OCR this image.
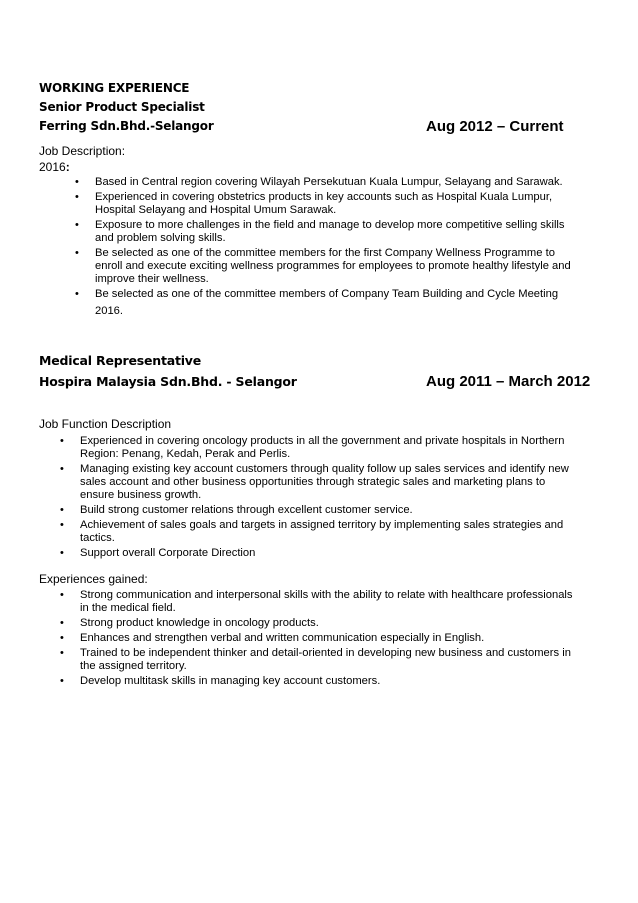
WORKING EXPERIENCE
Senior Product Specialist
Ferring Sdn.Bhd.-Selangor	Aug 2012 – Current
Job Description:
2016:
• Based in Central region covering Wilayah Persekutuan Kuala Lumpur, Selayang and Sarawak.
• Experienced in covering obstetrics products in key accounts such as Hospital Kuala Lumpur,
Hospital Selayang and Hospital Umum Sarawak.
• Exposure to more challenges in the field and manage to develop more competitive selling skills
and problem solving skills.
• Be selected as one of the committee members for the first Company Wellness Programme to
enroll and execute exciting wellness programmes for employees to promote healthy lifestyle and
improve their wellness.
• Be selected as one of the committee members of Company Team Building and Cycle Meeting
2016.
Medical Representative
Hospira Malaysia Sdn.Bhd. - Selangor	Aug 2011 – March 2012
Job Function Description
• Experienced in covering oncology products in all the government and private hospitals in Northern
Region: Penang, Kedah, Perak and Perlis.
• Managing existing key account customers through quality follow up sales services and identify new
sales account and other business opportunities through strategic sales and marketing plans to
ensure business growth.
• Build strong customer relations through excellent customer service.
• Achievement of sales goals and targets in assigned territory by implementing sales strategies and
tactics.
• Support overall Corporate Direction
Experiences gained:
• Strong communication and interpersonal skills with the ability to relate with healthcare professionals
in the medical field.
• Strong product knowledge in oncology products.
• Enhances and strengthen verbal and written communication especially in English.
• Trained to be independent thinker and detail-oriented in developing new business and customers in
the assigned territory.
• Develop multitask skills in managing key account customers.
